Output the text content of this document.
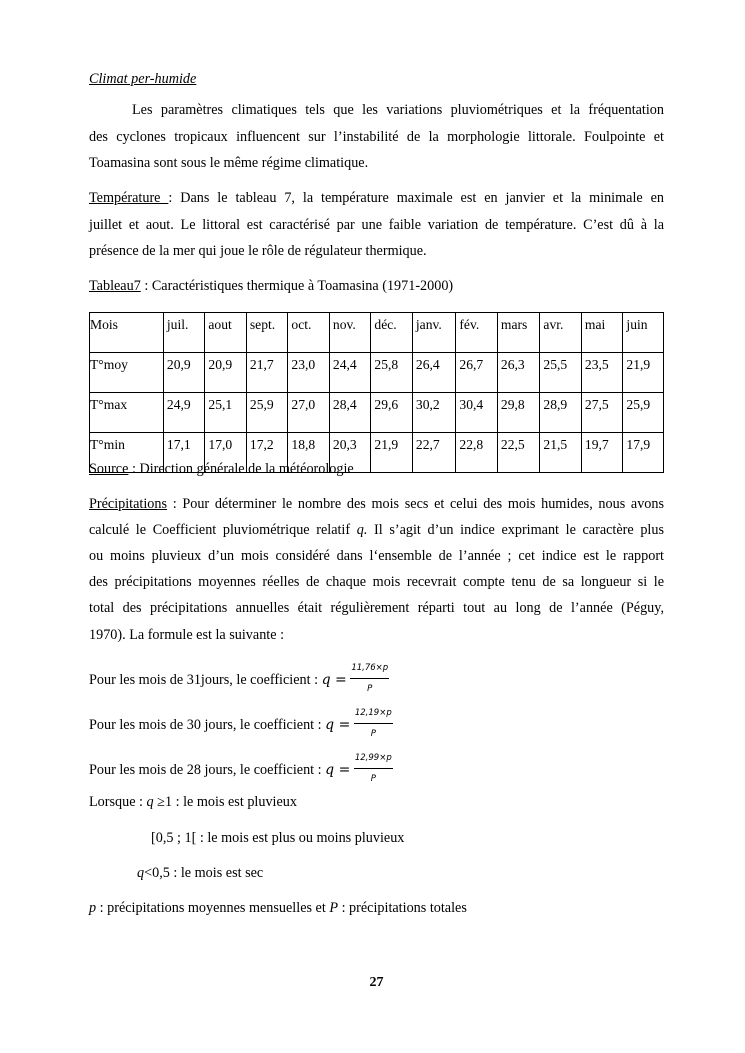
Climat per-humide
Les paramètres climatiques tels que les variations pluviométriques et la fréquentation
des cyclones tropicaux influencent sur l’instabilité de la morphologie littorale. Foulpointe et
Toamasina sont sous le même régime climatique.
Température : Dans le tableau 7, la température maximale est en janvier et la minimale en
juillet et aout. Le littoral est caractérisé par une faible variation de température. C’est dû à la
présence de la mer qui joue le rôle de régulateur thermique.
Tableau7 : Caractéristiques thermique à Toamasina (1971-2000)
Mois	juil.	aout	sept.	oct.	nov.	déc.	janv.	fév.	mars	avr.	mai	juin
T°moy	20,9	20,9	21,7	23,0	24,4	25,8	26,4	26,7	26,3	25,5	23,5	21,9
T°max	24,9	25,1	25,9	27,0	28,4	29,6	30,2	30,4	29,8	28,9	27,5	25,9
T°min	17,1	17,0	17,2	18,8	20,3	21,9	22,7	22,8	22,5	21,5	19,7	17,9
Source : Direction générale de la météorologie
Précipitations : Pour déterminer le nombre des mois secs et celui des mois humides, nous avons
calculé le Coefficient pluviométrique relatif q. Il s’agit d’un indice exprimant le caractère plus
ou moins pluvieux d’un mois considéré dans l‘ensemble de l’année ; cet indice est le rapport
des précipitations moyennes réelles de chaque mois recevrait compte tenu de sa longueur si le
total des précipitations annuelles était régulièrement réparti tout au long de l’année (Péguy,
1970). La formule est la suivante :
Pour les mois de 31jours, le coefficient : $q = \frac{11,76\times p}{P}$
Pour les mois de 30 jours, le coefficient : $q = \frac{12,19\times p}{P}$
Pour les mois de 28 jours, le coefficient : $q = \frac{12,99\times p}{P}$
Lorsque : q ≥1 : le mois est pluvieux
[0,5 ; 1[ : le mois est plus ou moins pluvieux
q<0,5 : le mois est sec
p : précipitations moyennes mensuelles et P : précipitations totales
27
